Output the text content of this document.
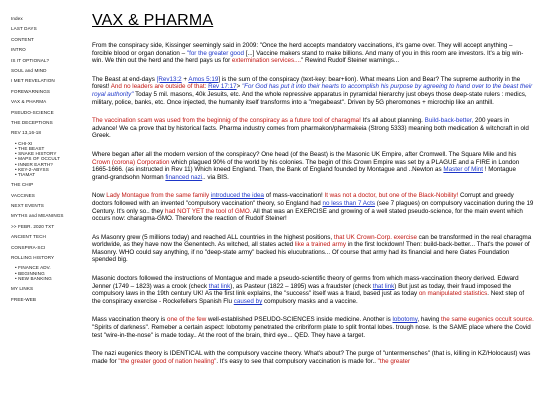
Index
LAST DAYS
CONTENT
INTRO
IS IT OPTIONAL?
SOUL and MIND
I MET REVELATION
FOREWARNINGS
VAX & PHARMA
PSEUDO-SCIENCE
THE DECEPTIONS
REV 13,16-18
• CHI-XI
• THE BEAST
• SNAKE HISTORY
• MAPS OF OCCULT
• INNER EARTH?
• KEY-2-ABYSS
• TIAMAT
THE CHIP
VACCINES
NEXT EVENTS
MYTHS and MEANINGS
>> FEBR. 2020 TXT
ANCIENT TECH
CONSPIRA-SCI
ROLLING HISTORY
• FINANCE ADV.
• BEGINNING
• NEW BANKING
MY LINKS
FREE-WEB
VAX & PHARMA

From the conspiracy side, Kissinger seemingly said in 2009: "Once the herd accepts mandatory vaccinations, it's game over. They will accept anything – forcible blood or organ donation – "for the greater good [...] Vaccine makers stand to make billions. And many of you in this room are investors. It's a big win-win. We thin out the herd and the herd pays us for extermination services...." Rewind Rudolf Steiner warnings...

The Beast at end-days [Rev13:2 + Amos 5:19] is the sum of the conspiracy (text-key: bear+lion). What means Lion and Bear? The supreme authority in the forest! And no leaders are outside of that: Rev 17:17> "For God has put it into their hearts to accomplish his purpose by agreeing to hand over to the beast their royal authority" Today 5 mil. masons, 40k Jesuits, etc. And the whole repressive apparatus in pyramidal hierarchy just obeys those deep-state rulers : medics, military, police, banks, etc. Once injected, the humanity itself transforms into a "megabeast". Driven by 5G pheromones + microchip like an anthill.

The vaccination scam was used from the beginnig of the conspiracy as a future tool of charagma! It's all about planning. Build-back-better, 200 years in advance! We ca prove that by historical facts. Pharma industry comes from pharmakon/pharmakeia (Strong 5333) meaning both medication & witchcraft in old Greek.

Where began after all the modern version of the conspiracy? One head (of the Beast) is the Masonic UK Empire, after Cromwell. The Square Mile and his Crown (corona) Corporation which plagued 90% of the world by his colonies. The begin of this Crown Empire was set by a PLAGUE and a FIRE in London 1665-1666. (as instructed in Rev 11) Which kneed England. Then, the Bank of England founded by Montague and ..Newton as Master of Mint ! Montague grand-grandsohn Norman financed nazi.. via BIS.

Now Lady Montague from the same family introduced the idea of mass-vaccination! It was not a doctor, but one of the Black-Nobility! Corrupt and greedy doctors followed with an invented "compulsory vaccination" theory, so England had no less than 7 Acts (see 7 plagues) on compulsory vaccination during the 19 Century. It's only so.. they had NOT YET the tool of GMO. All that was an EXERCISE and growing of a well stated pseudo-science, for the main event which occurs now: charagma-GMO. Therefore the reaction of Rudolf Steiner!

As Masonry grew (5 millions today) and reached ALL countries in the highest positions, that UK Crown-Corp. exercise can be transformed in the real charagma worldwide, as they have now the Genentech. As witched, all states acted like a trained army in the first lockdown! Then: build-back-better... That's the power of Masonry. WHO could say anything, if no "deep-state army" backed his elucubrations... Of course that army had its financial and here Gates Foundation spended big.

Masonic doctors followed the instructions of Montague and made a pseudo-scientific theory of germs from which mass-vaccination theory derived. Edward Jenner (1749 – 1823) was a crook (check that link), as Pasteur (1822 – 1895) was a fraudster (check that link) But just as today, their fraud imposed the compulsory laws in the 19th century UK! As the first link explains, the "success" itself was a fraud, based just as today on manipulated statistics. Next step of the conspiracy exercise - Rockefellers Spanish Flu caused by compulsory masks and a vaccine.

Mass vaccination theory is one of the few well-established PSEUDO-SCIENCES inside medicine. Another is lobotomy, having the same eugenics occult source. "Spirits of darkness". Remeber a certain aspect: lobotomy penetrated the cribriform plate to split frontal lobes. trough nose. Is the SAME place where the Covid test "wire-in-the-nose" is made today.. At the root of the brain, third eye... QED. They have a target.

The nazi eugenics theory is IDENTICAL with the compulsory vaccine theory. What's about? The purge of "untermensches" (that is, killing in KZ/Holocaust) was made for "the greater good of nation healing". It's easy to see that compulsory vaccination is made for.. "the greater
